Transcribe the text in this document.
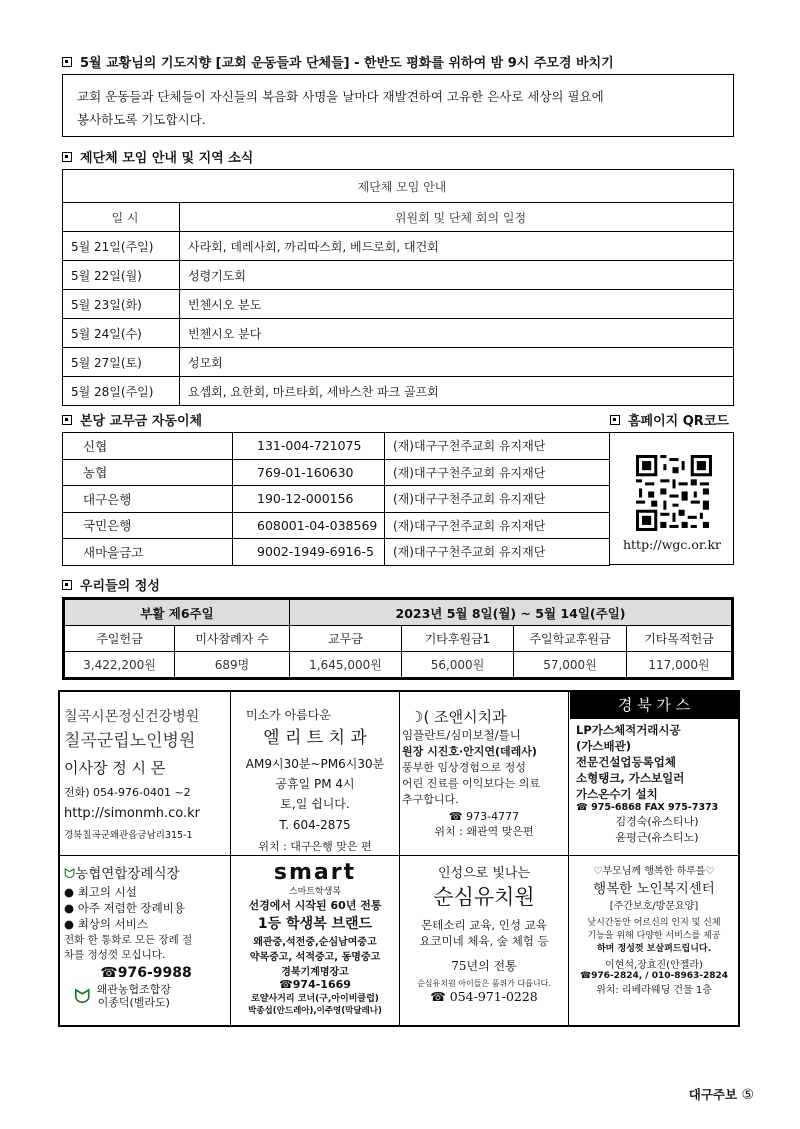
5월 교황님의 기도지향 [교회 운동들과 단체들] - 한반도 평화를 위하여 밤 9시 주모경 바치기
교회 운동들과 단체들이 자신들의 복음화 사명을 날마다 재발견하여 고유한 은사로 세상의 필요에
봉사하도록 기도합시다.
제단체 모임 안내 및 지역 소식
제단체 모임 안내	
일 시	위원회 및 단체 회의 일정
5월 21일(주일)	사라회, 데레사회, 까리따스회, 베드로회, 대건회
5월 22일(월)	성령기도회
5월 23일(화)	빈첸시오 분도
5월 24일(수)	빈첸시오 분다
5월 27일(토)	성모회
5월 28일(주일)	요셉회, 요한회, 마르타회, 세바스찬 파크 골프회
본당 교무금 자동이체	홈페이지 QR코드
신협	131-004-721075	(재)대구구천주교회 유지재단
농협	769-01-160630	(재)대구구천주교회 유지재단
대구은행	190-12-000156	(재)대구구천주교회 유지재단
국민은행	608001-04-038569	(재)대구구천주교회 유지재단
새마을금고	9002-1949-6916-5	(재)대구구천주교회 유지재단
http://wgc.or.kr
우리들의 정성
부활 제6주일		2023년 5월 8일(월) ~ 5월 14일(주일)			
주일헌금	미사참례자 수	교무금	기타후원금1	주일학교후원금	기타목적헌금
3,422,200원	689명	1,645,000원	56,000원	57,000원	117,000원
칠곡시몬정신건강병원
칠곡군립노인병원
이사장 정 시 몬
전화) 054-976-0401 ~2
http://simonmh.co.kr
경북칠곡군왜관읍금남리315-1
미소가 아름다운
엘 리 트 치 과
AM9시30분~PM6시30분
공휴일 PM 4시
토,일 쉽니다.
T. 604-2875
위치 : 대구은행 맞은 편
☽( 조앤시치과
임플란트/심미보철/틀니
원장 시진호·안지연(데레사)
풍부한 임상경험으로 정성
어린 진료를 이익보다는 의료
추구합니다.
☎ 973-4777
위치 : 왜관역 맞은편
경 북 가 스
LP가스체적거래시공
(가스배관)
전문건설업등록업체
소형탱크, 가스보일러
가스온수기 설치
☎ 975-6868 FAX 975-7373
김경숙(유스티나)
윤평근(유스티노)
ᗢ농협연합장례식장
● 최고의 시설
● 아주 저렴한 장례비용
● 최상의 서비스
전화 한 통화로 모든 장례 절
차를 정성껏 모십니다.
☎976-9988
ᗢ 왜관농협조합장
이종덕(벨라도)
smart
스마트학생복
선경에서 시작된 60년 전통
1등 학생복 브랜드
왜관중,석전중,순심남여중고
약목중고, 석적중고, 동명중고
경북기계명장고
☎974-1669
로얄사거리 코너(구,아이비클럽)
박종섭(안드레아),이주영(막달레나)
인성으로 빛나는
순심유치원
몬테소리 교육, 인성 교육
요코미네 체육, 숲 체험 등
75년의 전통
순심유치원 아이들은 품위가 다릅니다.
☎ 054-971-0228
♡부모님께 행복한 하루를♡
행복한 노인복지센터
[주간보호/방문요양]
낮시간동안 어르신의 인지 및 신체
기능을 위해 다양한 서비스를 제공
하며 정성껏 보살펴드립니다.
이현석,장효진(안젤라)
☎976-2824, / 010-8963-2824
위치: 리베라웨딩 건물 1층
대구주보 ⑤
